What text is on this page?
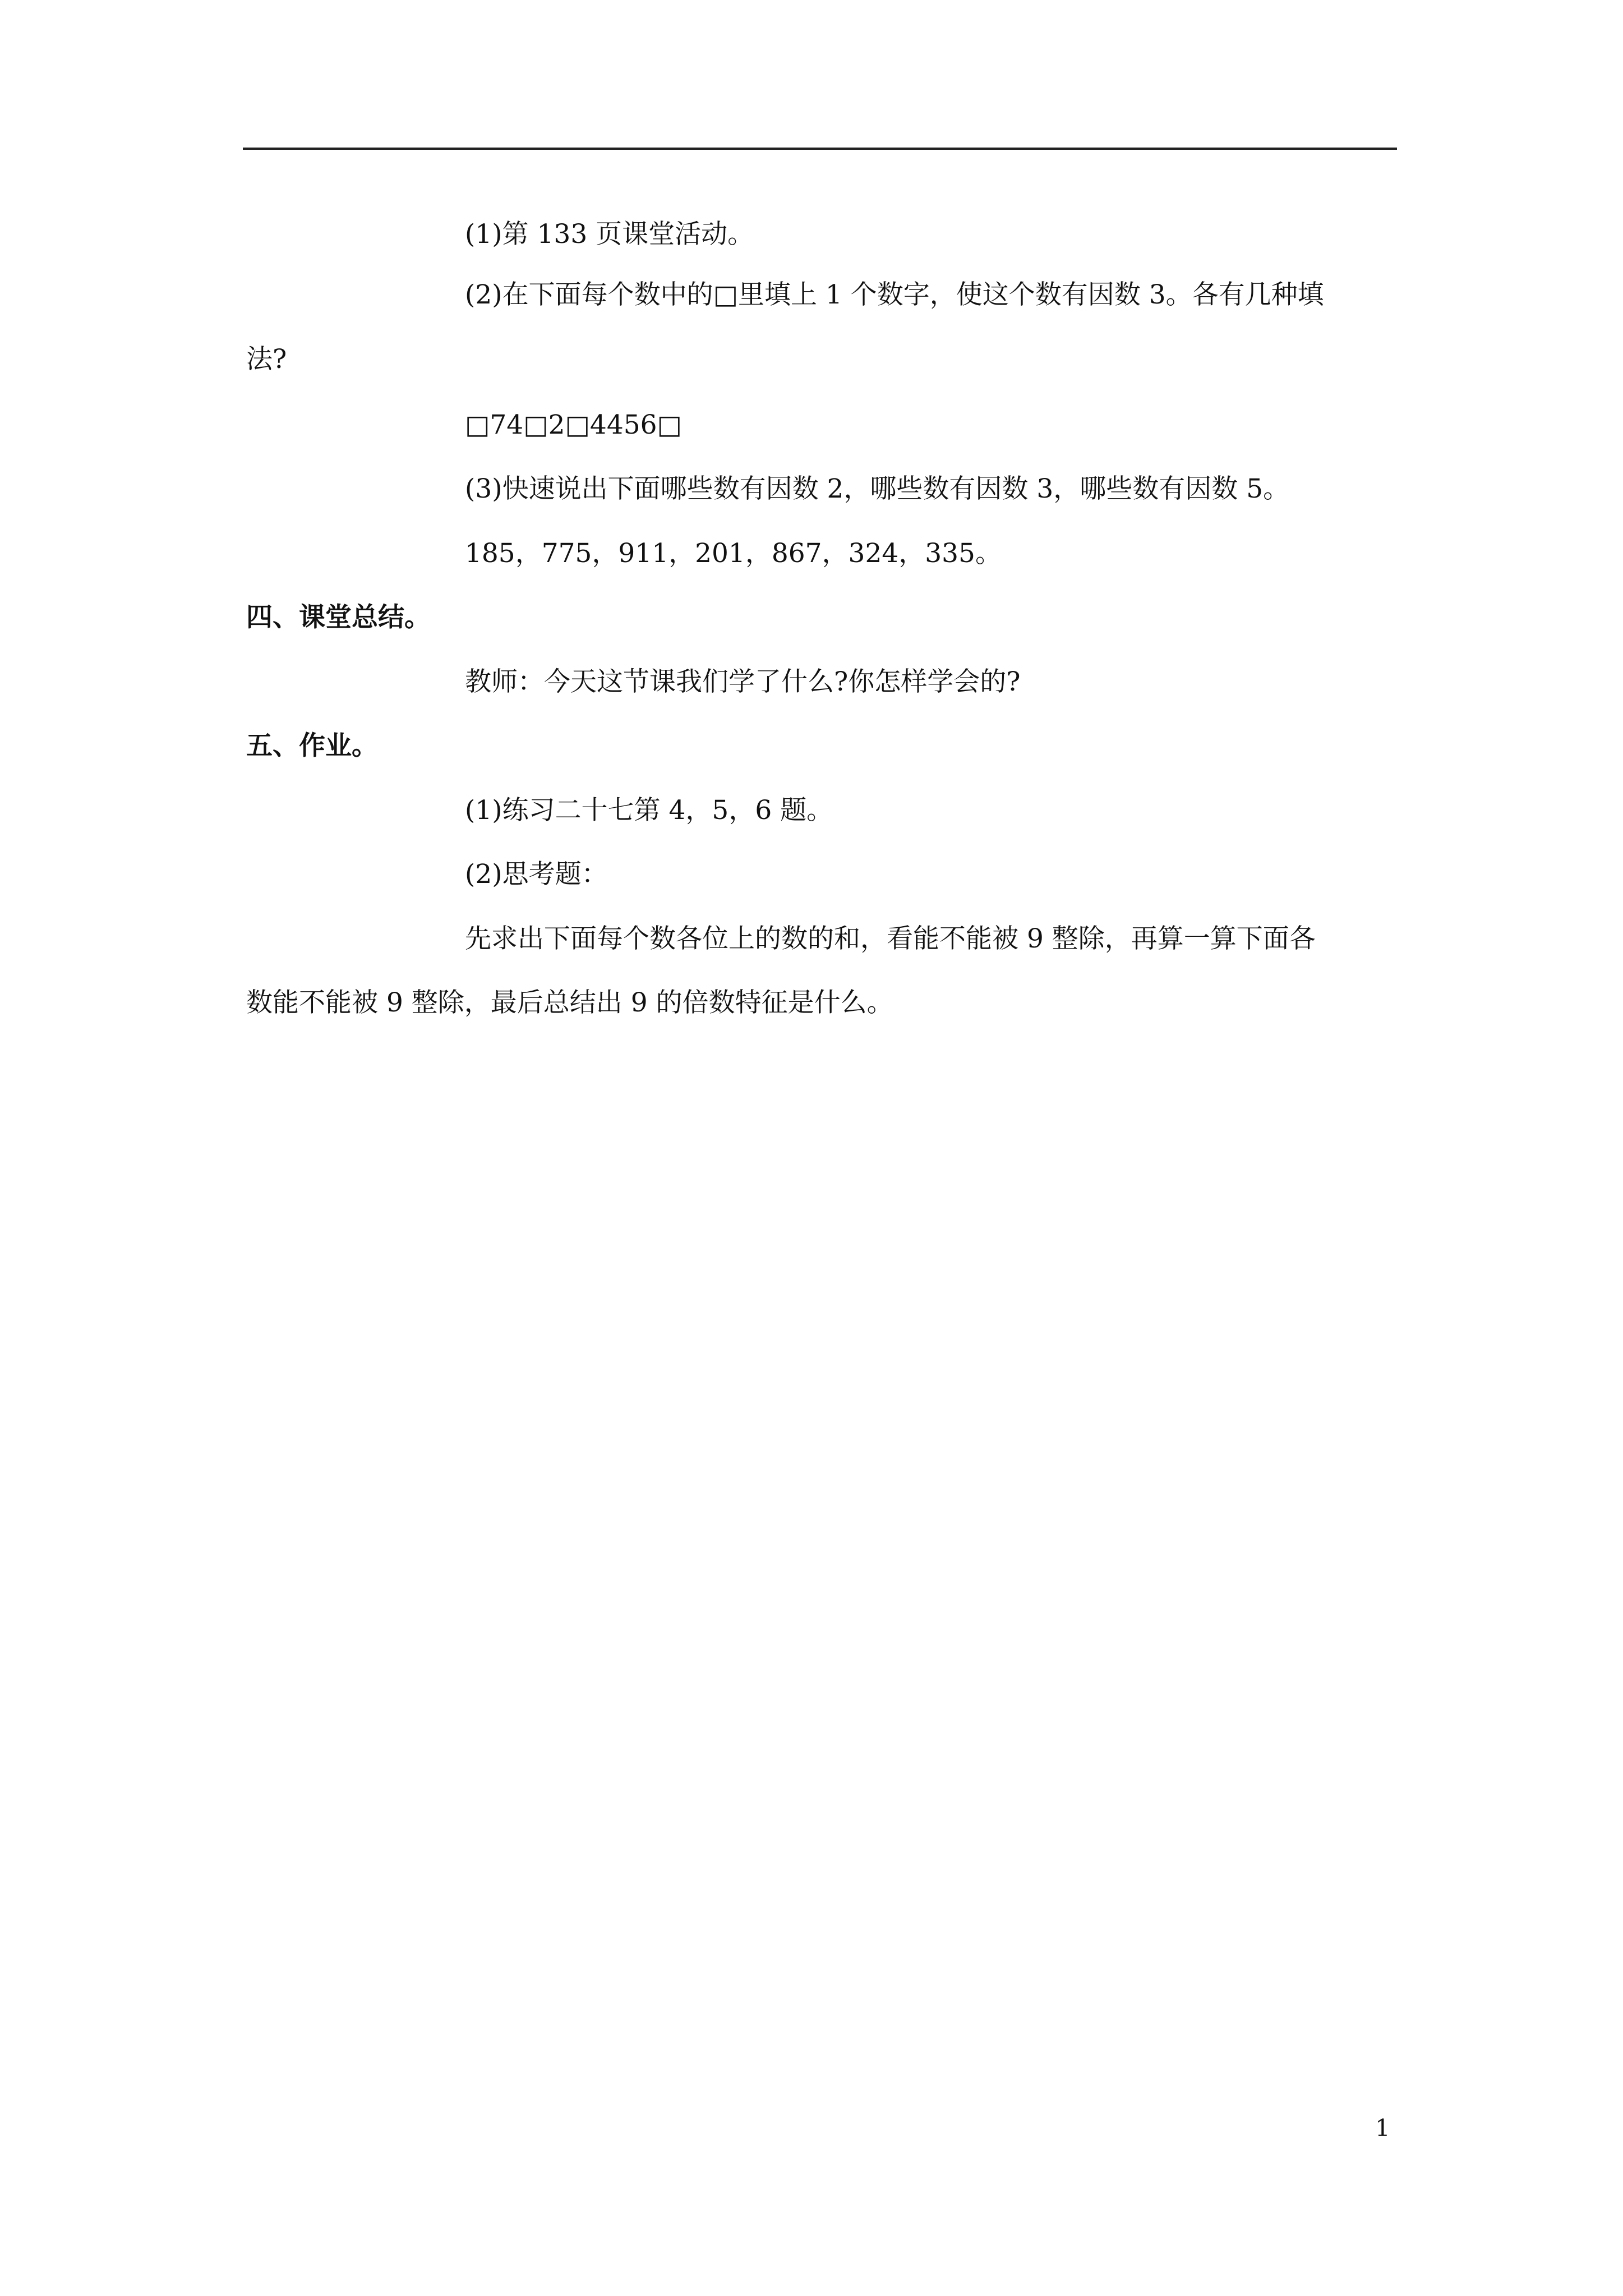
(1)第 133 页课堂活动。
(2)在下面每个数中的□里填上 1 个数字，使这个数有因数 3。各有几种填
法?
□74□2□4456□
(3)快速说出下面哪些数有因数 2，哪些数有因数 3，哪些数有因数 5。
185，775，911，201，867，324，335。
四、课堂总结。
教师：今天这节课我们学了什么?你怎样学会的?
五、作业。
(1)练习二十七第 4，5，6 题。
(2)思考题：
先求出下面每个数各位上的数的和，看能不能被 9 整除，再算一算下面各
数能不能被 9 整除，最后总结出 9 的倍数特征是什么。
1
